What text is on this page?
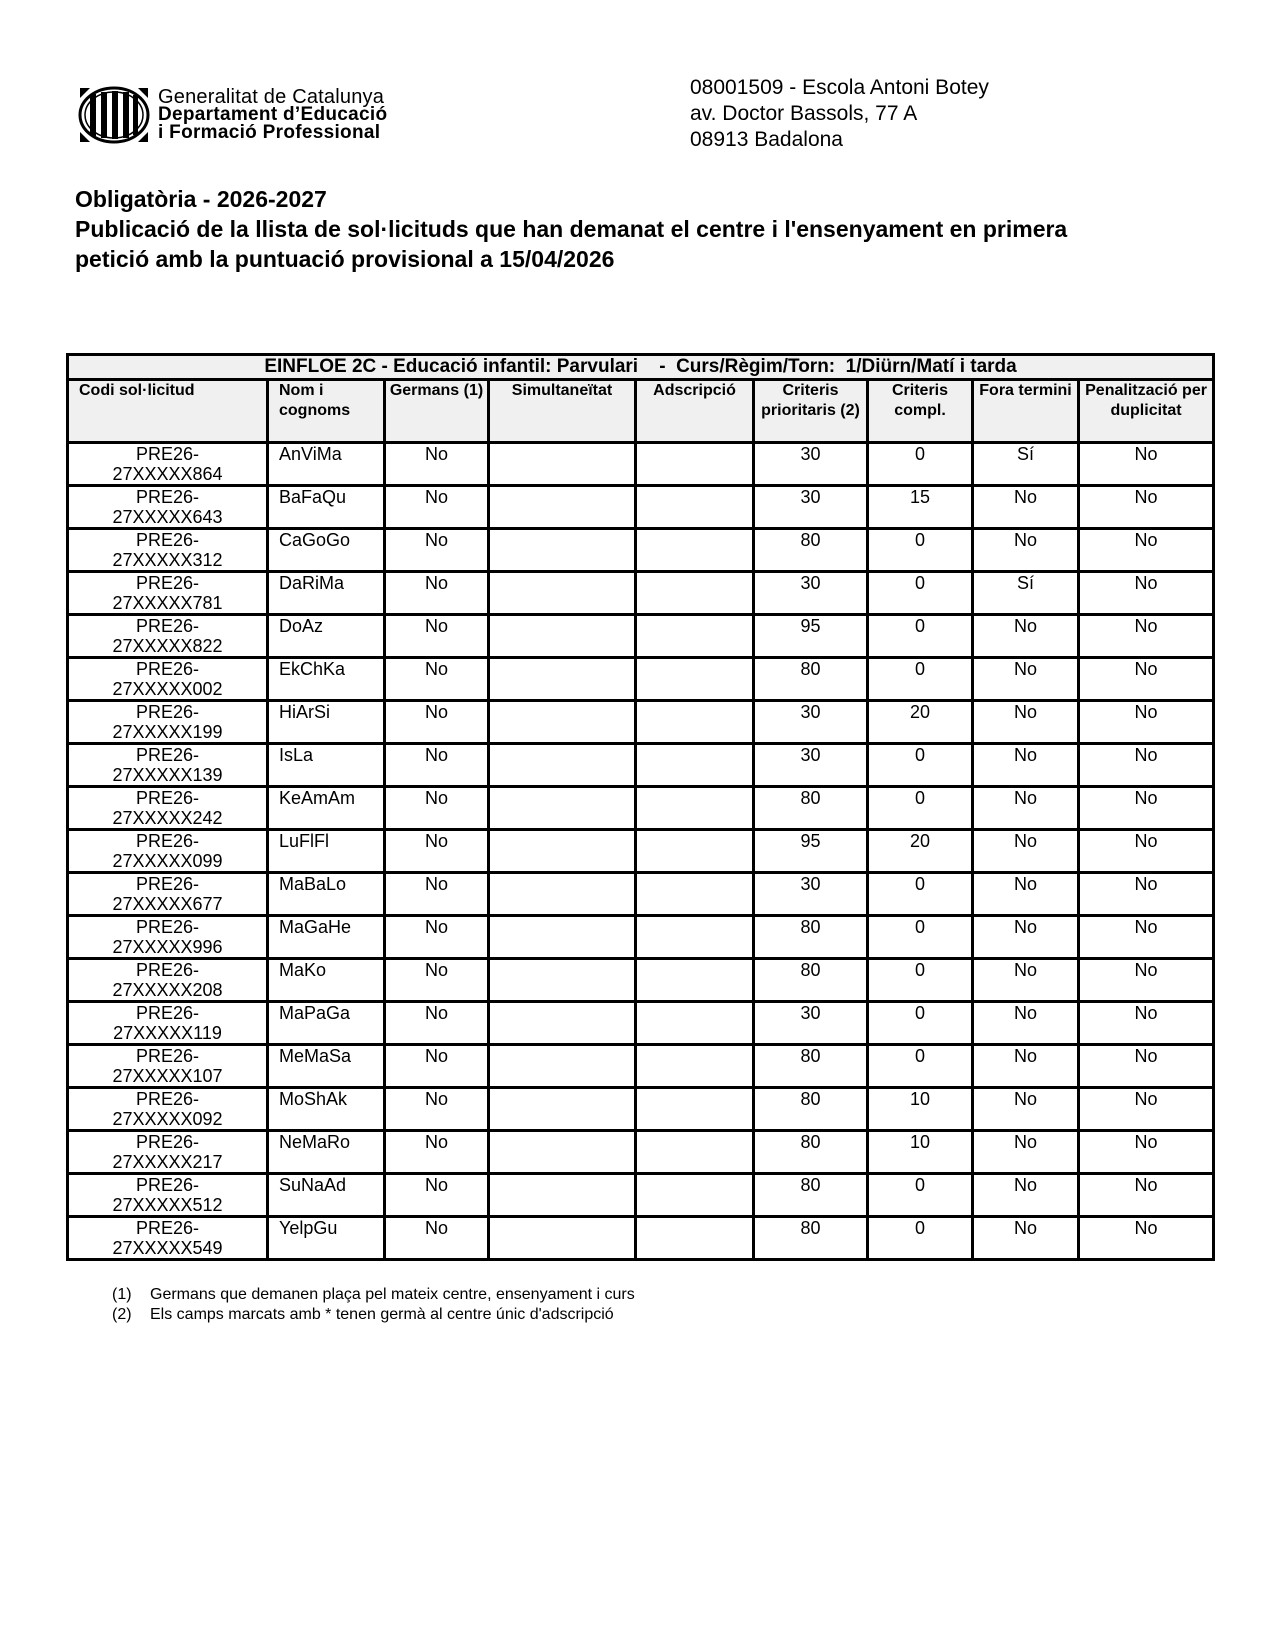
Generalitat de Catalunya
Departament d’Educació
i Formació Professional
08001509 - Escola Antoni Botey
av. Doctor Bassols, 77 A
08913 Badalona
Obligatòria - 2026-2027
Publicació de la llista de sol·licituds que han demanat el centre i l'ensenyament en primera
petició amb la puntuació provisional a 15/04/2026
EINFLOE 2C - Educació infantil: Parvulari    -  Curs/Règim/Torn:  1/Diürn/Matí i tarda								
Codi sol·licitud	Nom i cognoms	Germans (1)	Simultaneïtat	Adscripció	Criteris prioritaris (2)	Criteris compl.	Fora termini	Penalització per duplicitat

PRE26-
27XXXXX864	AnViMa	No			30	0	Sí	No

PRE26-
27XXXXX643	BaFaQu	No			30	15	No	No

PRE26-
27XXXXX312	CaGoGo	No			80	0	No	No

PRE26-
27XXXXX781	DaRiMa	No			30	0	Sí	No

PRE26-
27XXXXX822	DoAz	No			95	0	No	No

PRE26-
27XXXXX002	EkChKa	No			80	0	No	No

PRE26-
27XXXXX199	HiArSi	No			30	20	No	No

PRE26-
27XXXXX139	IsLa	No			30	0	No	No

PRE26-
27XXXXX242	KeAmAm	No			80	0	No	No

PRE26-
27XXXXX099	LuFlFl	No			95	20	No	No

PRE26-
27XXXXX677	MaBaLo	No			30	0	No	No

PRE26-
27XXXXX996	MaGaHe	No			80	0	No	No

PRE26-
27XXXXX208	MaKo	No			80	0	No	No

PRE26-
27XXXXX119	MaPaGa	No			30	0	No	No

PRE26-
27XXXXX107	MeMaSa	No			80	0	No	No

PRE26-
27XXXXX092	MoShAk	No			80	10	No	No

PRE26-
27XXXXX217	NeMaRo	No			80	10	No	No

PRE26-
27XXXXX512	SuNaAd	No			80	0	No	No

PRE26-
27XXXXX549	YelpGu	No			80	0	No	No
(1)	Germans que demanen plaça pel mateix centre, ensenyament i curs
(2)	Els camps marcats amb * tenen germà al centre únic d'adscripció
